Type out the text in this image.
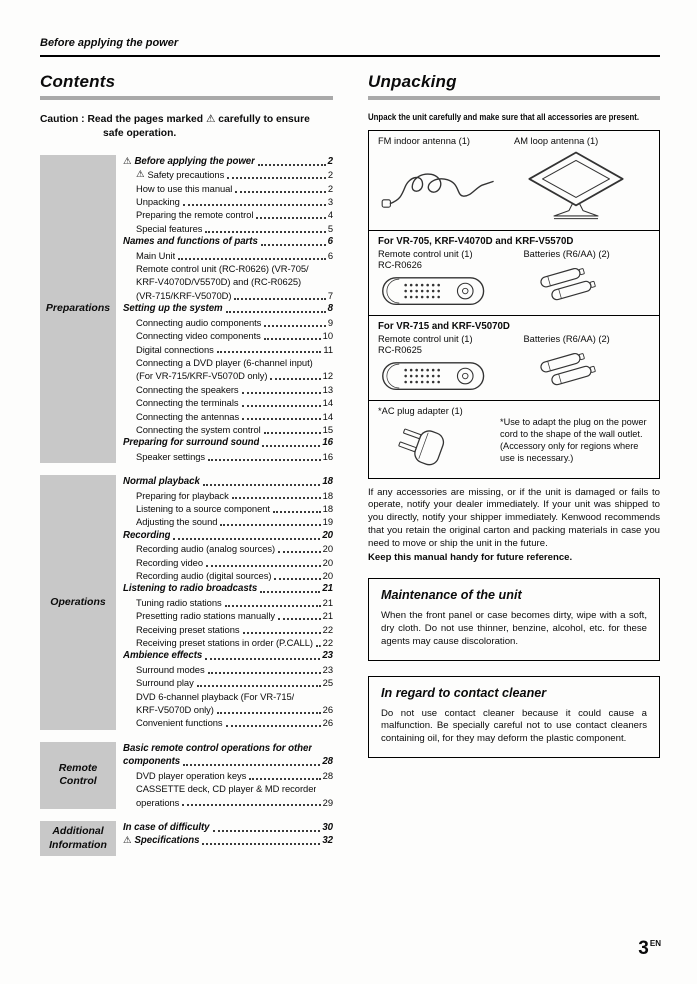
Before applying the power
Contents
Caution : Read the pages marked ⚠ carefully to ensure
safe operation.
Preparations
⚠ Before applying the power	2
⚠ Safety precautions	2
How to use this manual	2
Unpacking	3
Preparing the remote control	4
Special features	5
Names and functions of parts	6
Main Unit	6
Remote control unit (RC-R0626) (VR-705/
KRF-V4070D/V5570D) and (RC-R0625)
(VR-715/KRF-V5070D)	7
Setting up the system	8
Connecting audio components	9
Connecting video components	10
Digital connections	11
Connecting a DVD player (6-channel input)
(For VR-715/KRF-V5070D only)	12
Connecting the speakers	13
Connecting the terminals	14
Connecting the antennas	14
Connecting the system control	15
Preparing for surround sound	16
Speaker settings	16
Operations
Normal playback	18
Preparing for playback	18
Listening to a source component	18
Adjusting the sound	19
Recording	20
Recording audio (analog sources)	20
Recording video	20
Recording audio (digital sources)	20
Listening to radio broadcasts	21
Tuning radio stations	21
Presetting radio stations manually	21
Receiving preset stations	22
Receiving preset stations in order (P.CALL) 22
Ambience effects	23
Surround modes	23
Surround play	25
DVD 6-channel playback (For VR-715/
KRF-V5070D only)	26
Convenient functions	26
Remote Control
Basic remote control operations for other
components	28
DVD player operation keys	28
CASSETTE deck, CD player & MD recorder
operations	29
Additional Information
In case of difficulty	30
⚠ Specifications	32
Unpacking
Unpack the unit carefully and make sure that all accessories are present.
FM indoor antenna (1)	AM loop antenna (1)
For VR-705, KRF-V4070D and KRF-V5570D
Remote control unit (1)
RC-R0626
Batteries (R6/AA) (2)
For VR-715 and KRF-V5070D
Remote control unit (1)
RC-R0625
Batteries (R6/AA) (2)
*AC plug adapter (1)
*Use to adapt the plug on the power cord to the shape of the wall outlet. (Accessory only for regions where use is necessary.)
If any accessories are missing, or if the unit is damaged or fails to operate, notify your dealer immediately. If your unit was shipped to you directly, notify your shipper immediately. Kenwood recommends that you retain the original carton and packing materials in case you need to move or ship the unit in the future.
Keep this manual handy for future reference.
Maintenance of the unit
When the front panel or case becomes dirty, wipe with a soft, dry cloth. Do not use thinner, benzine, alcohol, etc. for these agents may cause discoloration.
In regard to contact cleaner
Do not use contact cleaner because it could cause a malfunction. Be specially careful not to use contact cleaners containing oil, for they may deform the plastic component.
$3^{EN}$
